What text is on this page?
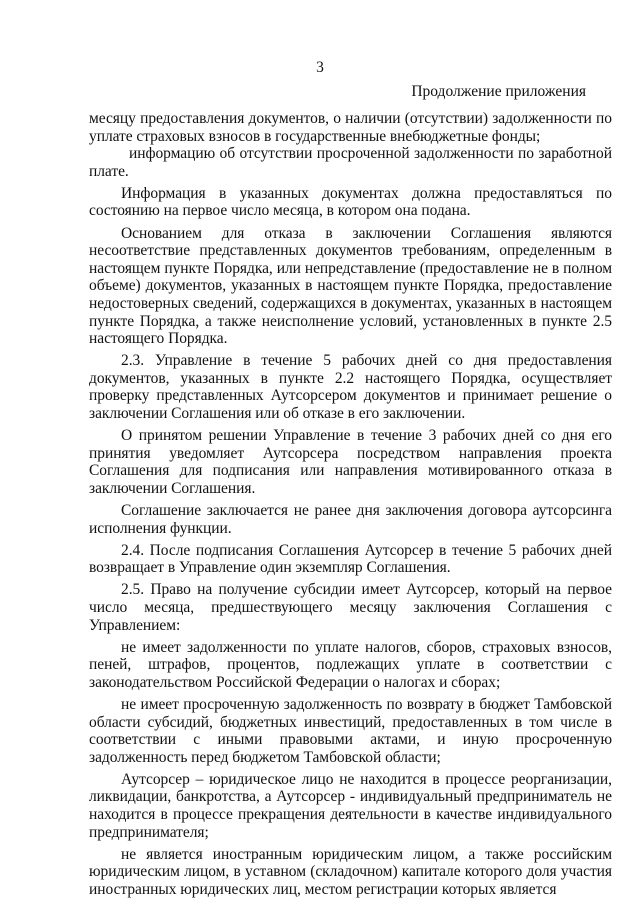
3
Продолжение приложения

месяцу предоставления документов, о наличии (отсутствии) задолженности по уплате страховых взносов в государственные внебюджетные фонды;

информацию об отсутствии просроченной задолженности по заработной плате.

Информация в указанных документах должна предоставляться по состоянию на первое число месяца, в котором она подана.

Основанием для отказа в заключении Соглашения являются несоответствие представленных документов требованиям, определенным в настоящем пункте Порядка, или непредставление (предоставление не в полном объеме) документов, указанных в настоящем пункте Порядка, предоставление недостоверных сведений, содержащихся в документах, указанных в настоящем пункте Порядка, а также неисполнение условий, установленных в пункте 2.5 настоящего Порядка.

2.3. Управление в течение 5 рабочих дней со дня предоставления документов, указанных в пункте 2.2 настоящего Порядка, осуществляет проверку представленных Аутсорсером документов и принимает решение о заключении Соглашения или об отказе в его заключении.

О принятом решении Управление в течение 3 рабочих дней со дня его принятия уведомляет Аутсорсера посредством направления проекта Соглашения для подписания или направления мотивированного отказа в заключении Соглашения.

Соглашение заключается не ранее дня заключения договора аутсорсинга исполнения функции.

2.4. После подписания Соглашения Аутсорсер в течение 5 рабочих дней возвращает в Управление один экземпляр Соглашения.

2.5. Право на получение субсидии имеет Аутсорсер, который на первое число месяца, предшествующего месяцу заключения Соглашения с Управлением:

не имеет задолженности по уплате налогов, сборов, страховых взносов, пеней, штрафов, процентов, подлежащих уплате в соответствии с законодательством Российской Федерации о налогах и сборах;

не имеет просроченную задолженность по возврату в бюджет Тамбовской области субсидий, бюджетных инвестиций, предоставленных в том числе в соответствии с иными правовыми актами, и иную просроченную задолженность перед бюджетом Тамбовской области;

Аутсорсер – юридическое лицо не находится в процессе реорганизации, ликвидации, банкротства, а Аутсорсер - индивидуальный предприниматель не находится в процессе прекращения деятельности в качестве индивидуального предпринимателя;

не является иностранным юридическим лицом, а также российским юридическим лицом, в уставном (складочном) капитале которого доля участия иностранных юридических лиц, местом регистрации которых является
